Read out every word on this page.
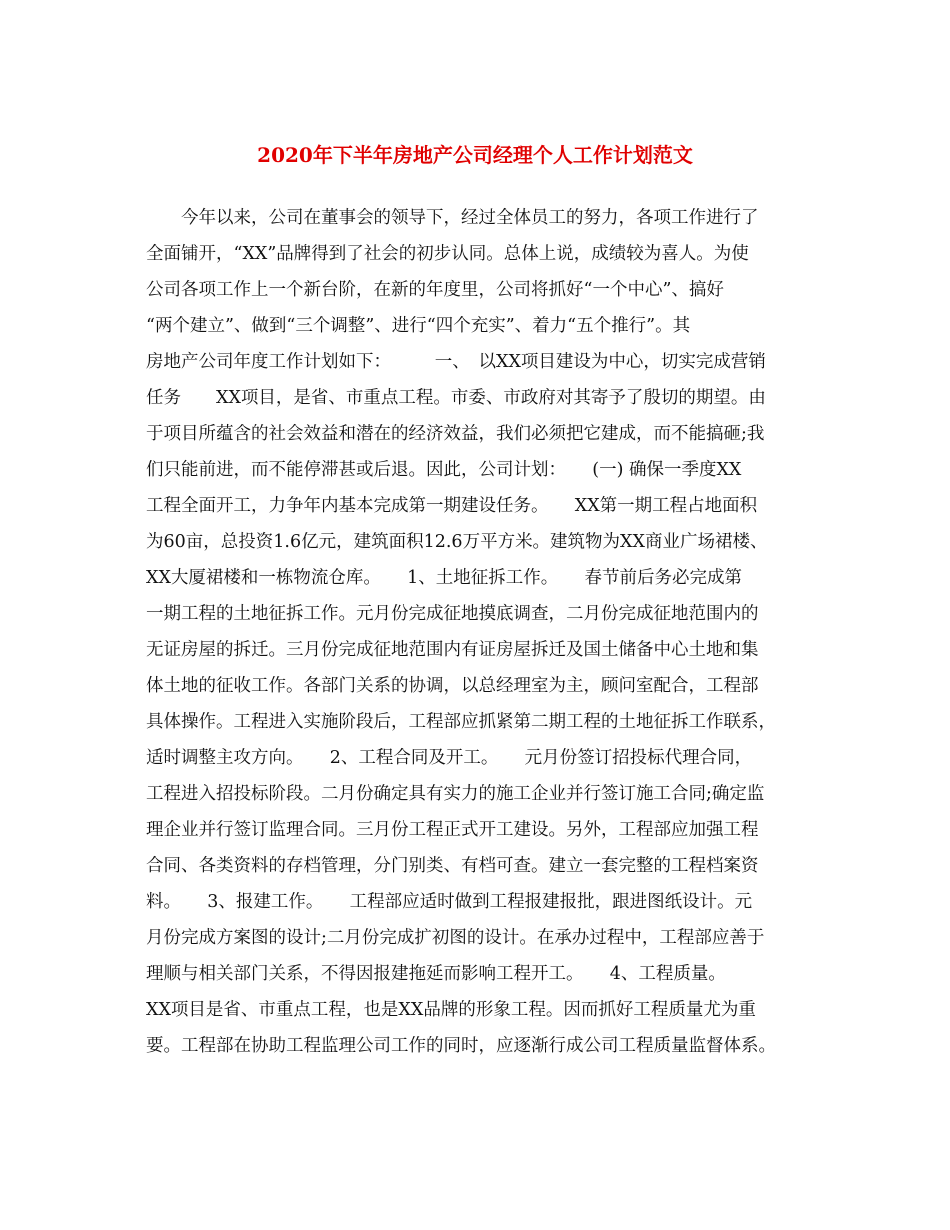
2020年下半年房地产公司经理个人工作计划范文
今年以来，公司在董事会的领导下，经过全体员工的努力，各项工作进行了
全面铺开，“XX”品牌得到了社会的初步认同。总体上说，成绩较为喜人。为使
公司各项工作上一个新台阶，在新的年度里，公司将抓好“一个中心”、搞好
“两个建立”、做到“三个调整”、进行“四个充实”、着力“五个推行”。其
房地产公司年度工作计划如下：　　　一、　以XX项目建设为中心，切实完成营销
任务　　XX项目，是省、市重点工程。市委、市政府对其寄予了殷切的期望。由
于项目所蕴含的社会效益和潜在的经济效益，我们必须把它建成，而不能搞砸;我
们只能前进，而不能停滞甚或后退。因此，公司计划：　　(一) 确保一季度XX
工程全面开工，力争年内基本完成第一期建设任务。　　XX第一期工程占地面积
为60亩，总投资1.6亿元，建筑面积12.6万平方米。建筑物为XX商业广场裙楼、
XX大厦裙楼和一栋物流仓库。　　1、土地征拆工作。　　春节前后务必完成第
一期工程的土地征拆工作。元月份完成征地摸底调查，二月份完成征地范围内的
无证房屋的拆迁。三月份完成征地范围内有证房屋拆迁及国土储备中心土地和集
体土地的征收工作。各部门关系的协调，以总经理室为主，顾问室配合，工程部
具体操作。工程进入实施阶段后，工程部应抓紧第二期工程的土地征拆工作联系，
适时调整主攻方向。　　2、工程合同及开工。　　元月份签订招投标代理合同，
工程进入招投标阶段。二月份确定具有实力的施工企业并行签订施工合同;确定监
理企业并行签订监理合同。三月份工程正式开工建设。另外，工程部应加强工程
合同、各类资料的存档管理，分门别类、有档可查。建立一套完整的工程档案资
料。　　3、报建工作。　　工程部应适时做到工程报建报批，跟进图纸设计。元
月份完成方案图的设计;二月份完成扩初图的设计。在承办过程中，工程部应善于
理顺与相关部门关系，不得因报建拖延而影响工程开工。　　4、工程质量。
XX项目是省、市重点工程，也是XX品牌的形象工程。因而抓好工程质量尤为重
要。工程部在协助工程监理公司工作的同时，应逐渐行成公司工程质量监督体系。
